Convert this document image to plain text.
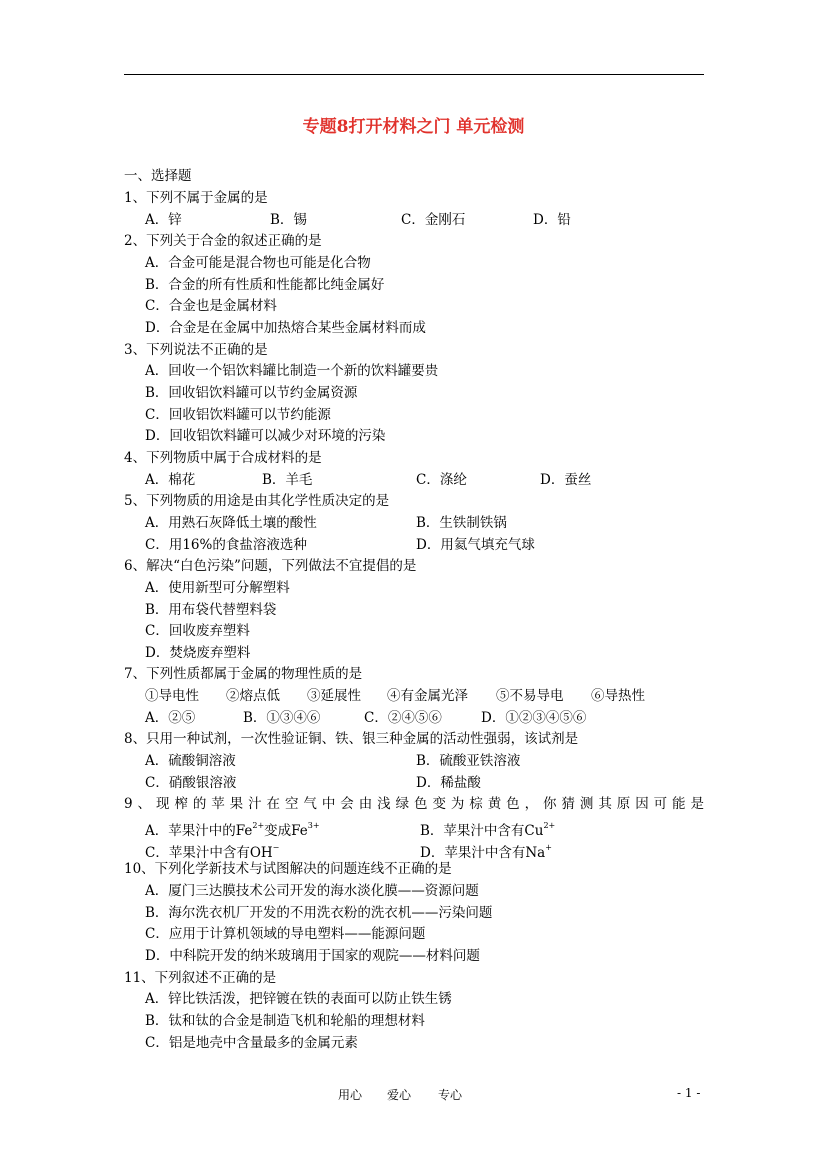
专题8打开材料之门 单元检测
一、选择题
1、下列不属于金属的是
A．锌	B．锡	C．金刚石	D．铅
2、下列关于合金的叙述正确的是
A．合金可能是混合物也可能是化合物
B．合金的所有性质和性能都比纯金属好
C．合金也是金属材料
D．合金是在金属中加热熔合某些金属材料而成
3、下列说法不正确的是
A．回收一个铝饮料罐比制造一个新的饮料罐要贵
B．回收铝饮料罐可以节约金属资源
C．回收铝饮料罐可以节约能源
D．回收铝饮料罐可以减少对环境的污染
4、下列物质中属于合成材料的是
A．棉花	B．羊毛	C．涤纶	D．蚕丝
5、下列物质的用途是由其化学性质决定的是
A．用熟石灰降低土壤的酸性	B．生铁制铁锅
C．用16%的食盐溶液选种	D．用氦气填充气球
6、解决“白色污染”问题，下列做法不宜提倡的是
A．使用新型可分解塑料
B．用布袋代替塑料袋
C．回收废弃塑料
D．焚烧废弃塑料
7、下列性质都属于金属的物理性质的是
①导电性 ②熔点低 ③延展性 ④有金属光泽 ⑤不易导电 ⑥导热性
A．②⑤	B．①③④⑥	C．②④⑤⑥	D．①②③④⑤⑥
8、只用一种试剂，一次性验证铜、铁、银三种金属的活动性强弱，该试剂是
A．硫酸铜溶液	B．硫酸亚铁溶液
C．硝酸银溶液	D．稀盐酸
9、现榨的苹果汁在空气中会由浅绿色变为棕黄色，你猜测其原因可能是
A．苹果汁中的$Fe^{2+}$变成$Fe^{3+}$	B．苹果汁中含有$Cu^{2+}$
C．苹果汁中含有OH−	D．苹果汁中含有Na+
10、下列化学新技术与试图解决的问题连线不正确的是
A．厦门三达膜技术公司开发的海水淡化膜——资源问题
B．海尔洗衣机厂开发的不用洗衣粉的洗衣机——污染问题
C．应用于计算机领域的导电塑料——能源问题
D．中科院开发的纳米玻璃用于国家的观院——材料问题
11、下列叙述不正确的是
A．锌比铁活泼，把锌镀在铁的表面可以防止铁生锈
B．钛和钛的合金是制造飞机和轮船的理想材料
C．铝是地壳中含量最多的金属元素
用心 爱心 专心	- 1 -
